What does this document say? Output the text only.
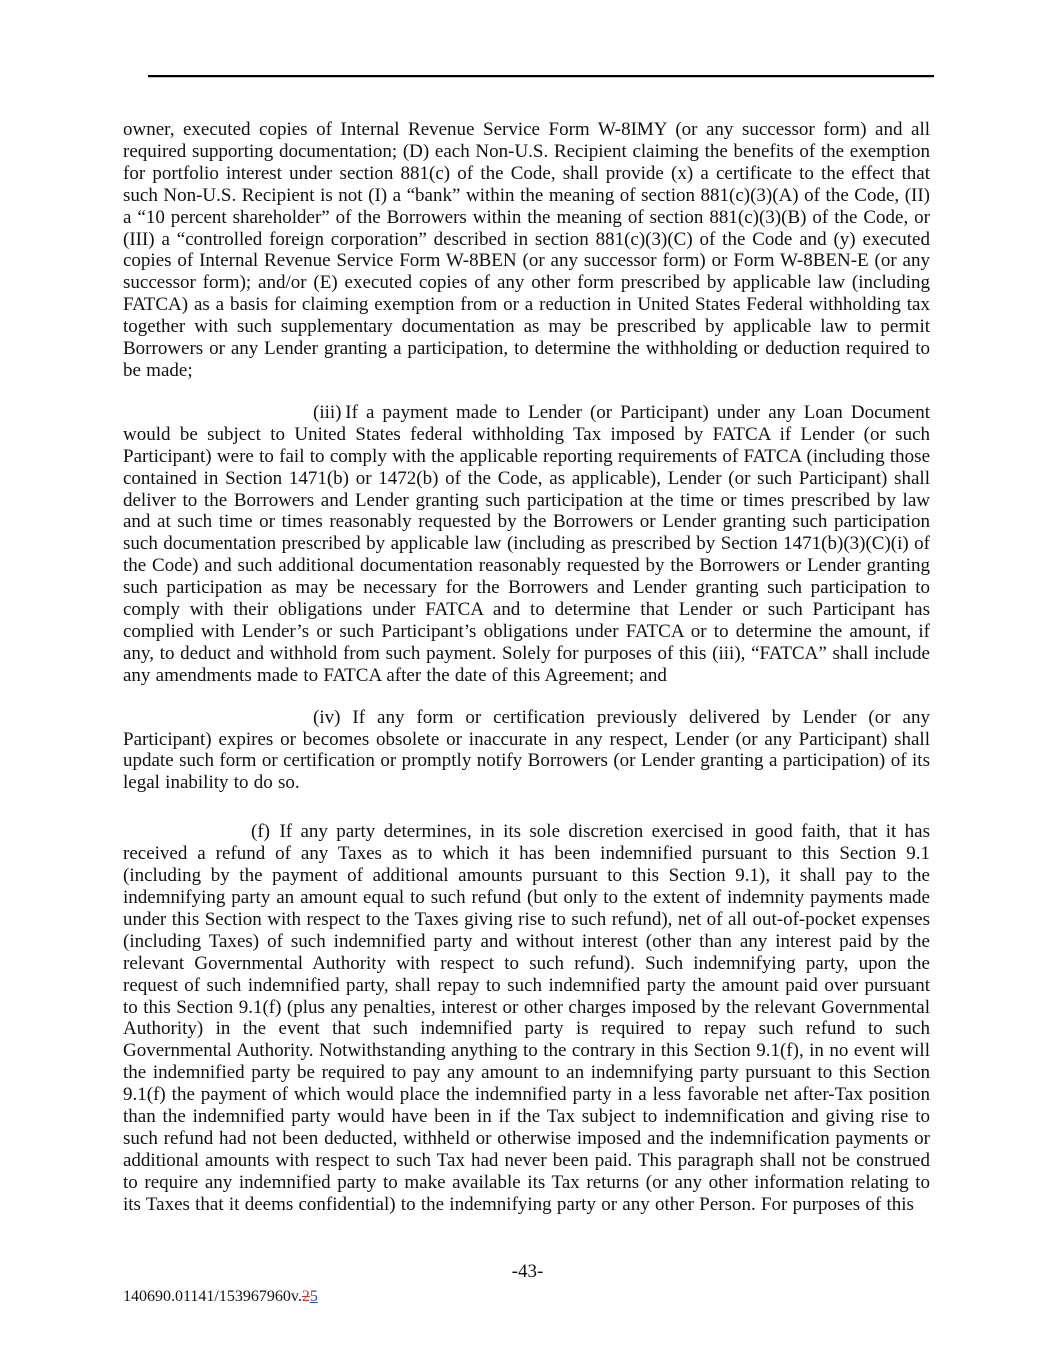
owner, executed copies of Internal Revenue Service Form W-8IMY (or any successor form) and all required supporting documentation; (D) each Non-U.S. Recipient claiming the benefits of the exemption for portfolio interest under section 881(c) of the Code, shall provide (x) a certificate to the effect that such Non-U.S. Recipient is not (I) a “bank” within the meaning of section 881(c)(3)(A) of the Code, (II) a “10 percent shareholder” of the Borrowers within the meaning of section 881(c)(3)(B) of the Code, or (III) a “controlled foreign corporation” described in section 881(c)(3)(C) of the Code and (y) executed copies of Internal Revenue Service Form W-8BEN (or any successor form) or Form W-8BEN-E (or any successor form); and/or (E) executed copies of any other form prescribed by applicable law (including FATCA) as a basis for claiming exemption from or a reduction in United States Federal withholding tax together with such supplementary documentation as may be prescribed by applicable law to permit Borrowers or any Lender granting a participation, to determine the withholding or deduction required to be made;

(iii) If a payment made to Lender (or Participant) under any Loan Document would be subject to United States federal withholding Tax imposed by FATCA if Lender (or such Participant) were to fail to comply with the applicable reporting requirements of FATCA (including those contained in Section 1471(b) or 1472(b) of the Code, as applicable), Lender (or such Participant) shall deliver to the Borrowers and Lender granting such participation at the time or times prescribed by law and at such time or times reasonably requested by the Borrowers or Lender granting such participation such documentation prescribed by applicable law (including as prescribed by Section 1471(b)(3)(C)(i) of the Code) and such additional documentation reasonably requested by the Borrowers or Lender granting such participation as may be necessary for the Borrowers and Lender granting such participation to comply with their obligations under FATCA and to determine that Lender or such Participant has complied with Lender’s or such Participant’s obligations under FATCA or to determine the amount, if any, to deduct and withhold from such payment. Solely for purposes of this (iii), “FATCA” shall include any amendments made to FATCA after the date of this Agreement; and

(iv) If any form or certification previously delivered by Lender (or any Participant) expires or becomes obsolete or inaccurate in any respect, Lender (or any Participant) shall update such form or certification or promptly notify Borrowers (or Lender granting a participation) of its legal inability to do so.

(f) If any party determines, in its sole discretion exercised in good faith, that it has received a refund of any Taxes as to which it has been indemnified pursuant to this Section 9.1 (including by the payment of additional amounts pursuant to this Section 9.1), it shall pay to the indemnifying party an amount equal to such refund (but only to the extent of indemnity payments made under this Section with respect to the Taxes giving rise to such refund), net of all out-of-pocket expenses (including Taxes) of such indemnified party and without interest (other than any interest paid by the relevant Governmental Authority with respect to such refund). Such indemnifying party, upon the request of such indemnified party, shall repay to such indemnified party the amount paid over pursuant to this Section 9.1(f) (plus any penalties, interest or other charges imposed by the relevant Governmental Authority) in the event that such indemnified party is required to repay such refund to such Governmental Authority. Notwithstanding anything to the contrary in this Section 9.1(f), in no event will the indemnified party be required to pay any amount to an indemnifying party pursuant to this Section 9.1(f) the payment of which would place the indemnified party in a less favorable net after-Tax position than the indemnified party would have been in if the Tax subject to indemnification and giving rise to such refund had not been deducted, withheld or otherwise imposed and the indemnification payments or additional amounts with respect to such Tax had never been paid. This paragraph shall not be construed to require any indemnified party to make available its Tax returns (or any other information relating to its Taxes that it deems confidential) to the indemnifying party or any other Person. For purposes of this

-43-
140690.01141/153967960v.25
